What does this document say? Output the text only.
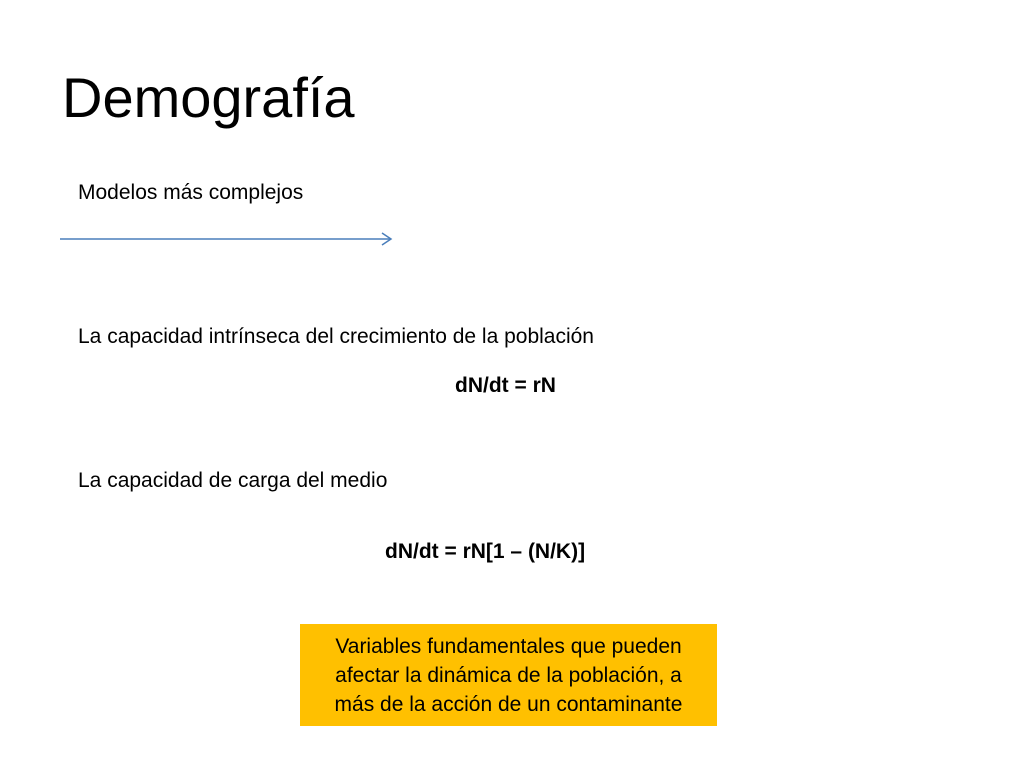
Demografía
Modelos más complejos
La capacidad intrínseca del crecimiento de la población
dN/dt = rN
La capacidad de carga del medio
dN/dt = rN[1 – (N/K)]
Variables fundamentales que pueden
afectar la dinámica de la población, a
más de la acción de un contaminante
